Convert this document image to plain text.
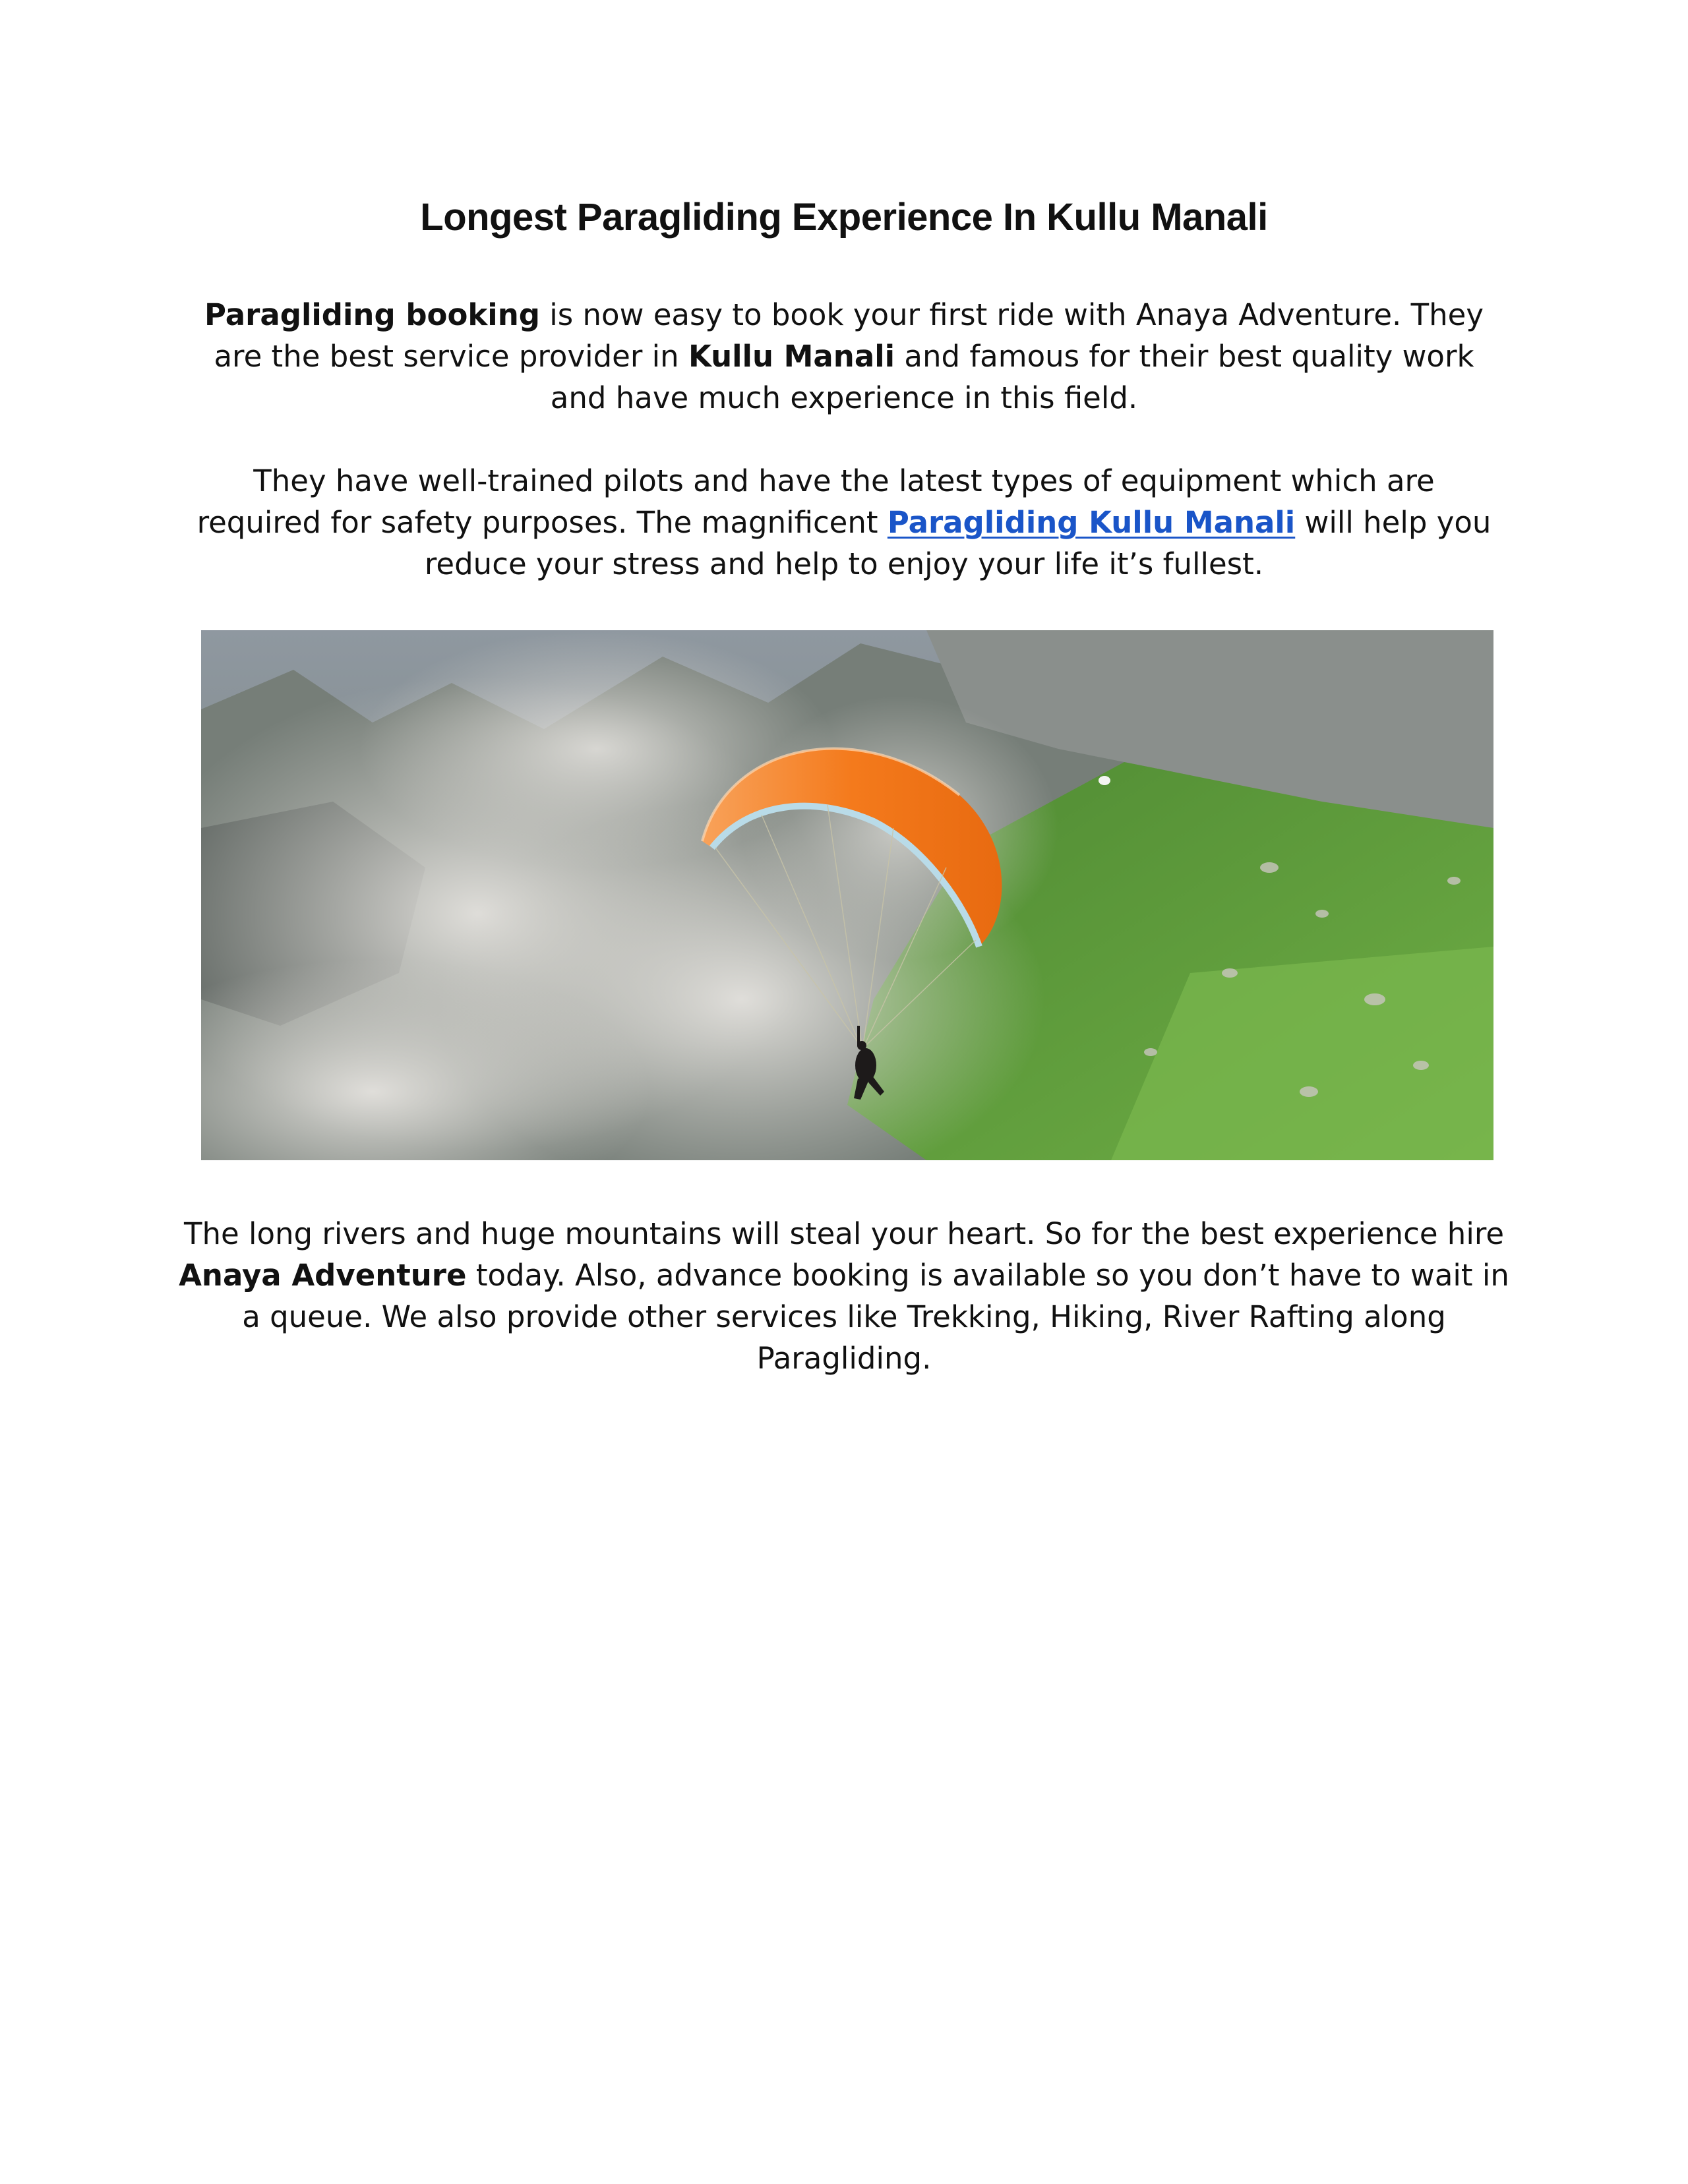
Longest Paragliding Experience In Kullu Manali

Paragliding booking is now easy to book your first ride with Anaya Adventure. They are the best service provider in Kullu Manali and famous for their best quality work and have much experience in this field.

They have well-trained pilots and have the latest types of equipment which are required for safety purposes. The magnificent Paragliding Kullu Manali will help you reduce your stress and help to enjoy your life it’s fullest.

The long rivers and huge mountains will steal your heart. So for the best experience hire Anaya Adventure today. Also, advance booking is available so you don’t have to wait in a queue. We also provide other services like Trekking, Hiking, River Rafting along Paragliding.
